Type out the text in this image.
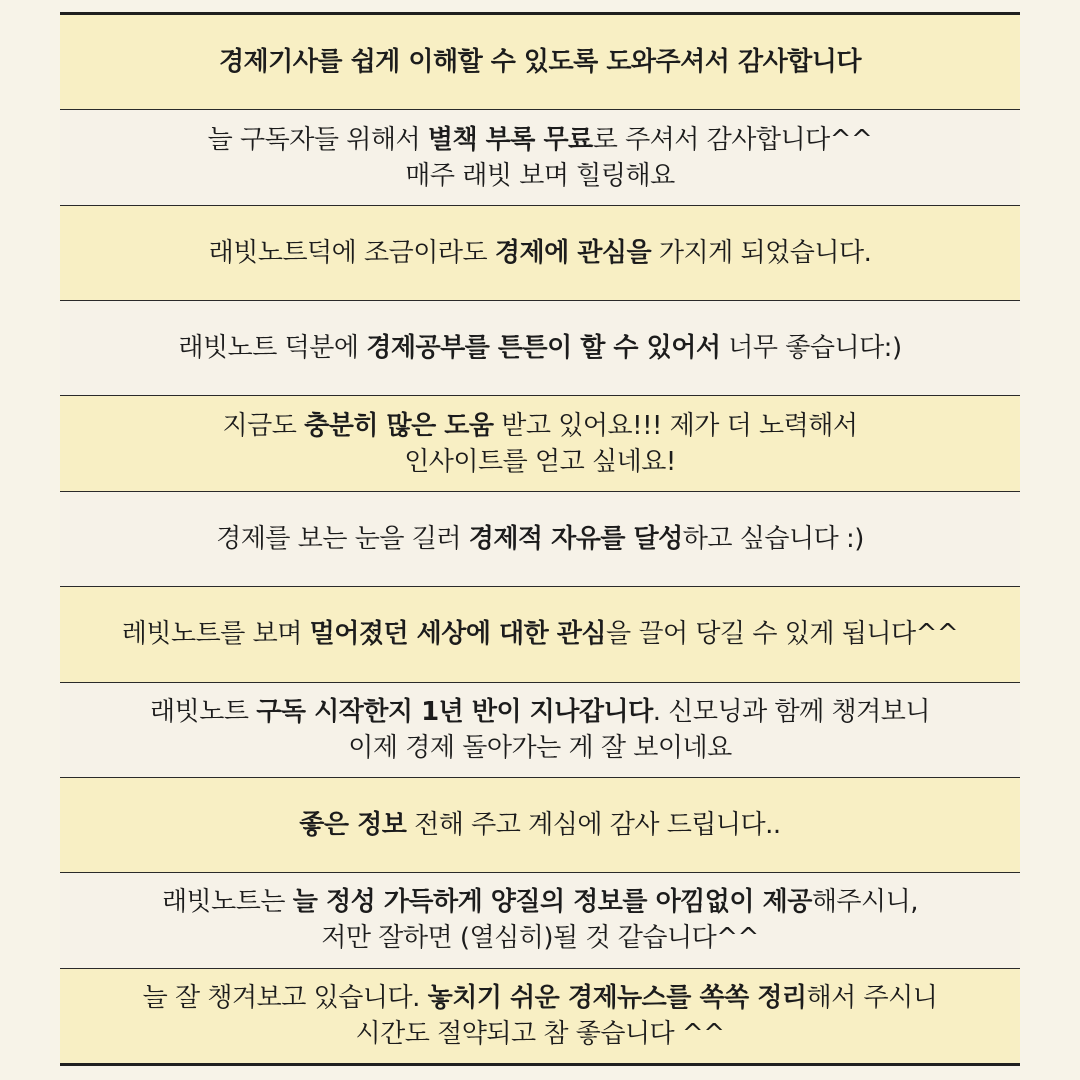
경제기사를 쉽게 이해할 수 있도록 도와주셔서 감사합니다
늘 구독자들 위해서 별책 부록 무료로 주셔서 감사합니다^^
매주 래빗 보며 힐링해요
래빗노트덕에 조금이라도 경제에 관심을 가지게 되었습니다.
래빗노트 덕분에 경제공부를 튼튼이 할 수 있어서 너무 좋습니다:)
지금도 충분히 많은 도움 받고 있어요!!! 제가 더 노력해서
인사이트를 얻고 싶네요!
경제를 보는 눈을 길러 경제적 자유를 달성하고 싶습니다 :)
레빗노트를 보며 멀어졌던 세상에 대한 관심을 끌어 당길 수 있게 됩니다^^
래빗노트 구독 시작한지 1년 반이 지나갑니다. 신모닝과 함께 챙겨보니
이제 경제 돌아가는 게 잘 보이네요
좋은 정보 전해 주고 계심에 감사 드립니다..
래빗노트는 늘 정성 가득하게 양질의 정보를 아낌없이 제공해주시니,
저만 잘하면 (열심히)될 것 같습니다^^
늘 잘 챙겨보고 있습니다. 놓치기 쉬운 경제뉴스를 쏙쏙 정리해서 주시니
시간도 절약되고 참 좋습니다 ^^
